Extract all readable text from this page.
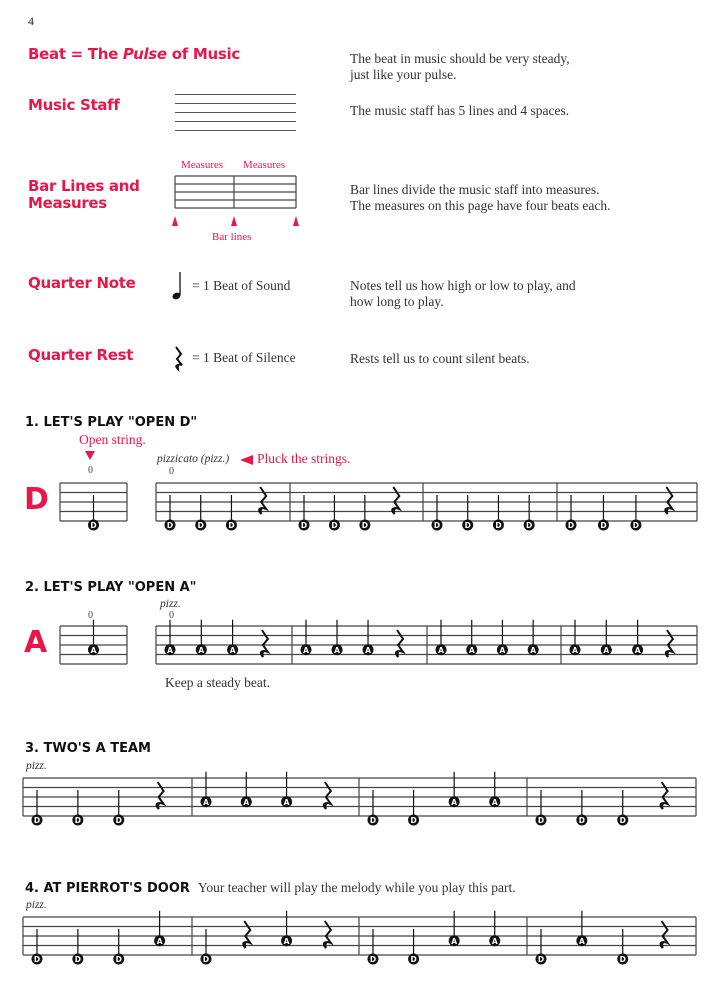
4
Beat = The Pulse of Music	The beat in music should be very steady,
just like your pulse.
Music Staff	The music staff has 5 lines and 4 spaces.
Measures Measures
Bar Lines and
Measures
Bar lines
Bar lines divide the music staff into measures.
The measures on this page have four beats each.
Quarter Note	= 1 Beat of Sound	Notes tell us how high or low to play, and
how long to play.
Quarter Rest	= 1 Beat of Silence	Rests tell us to count silent beats.
1. LET'S PLAY "OPEN D"
Open string.
0
pizzicato (pizz.) Pluck the strings.
0
D
D	D	D	D	D	D	D	D	D	D	D	D	D	D
2. LET'S PLAY "OPEN A"
pizz.
0	0
A	A	A	A	A	A	A	A	A	A	A	A	A	A	A
Keep a steady beat.
3. TWO'S A TEAM
pizz.
D	D	D
A	A	A
D	D
A	A
D	D	D
4. AT PIERROT'S DOOR Your teacher will play the melody while you play this part.
pizz.
D	D	D
A
D
A
D	D
A	A
D
A
D
